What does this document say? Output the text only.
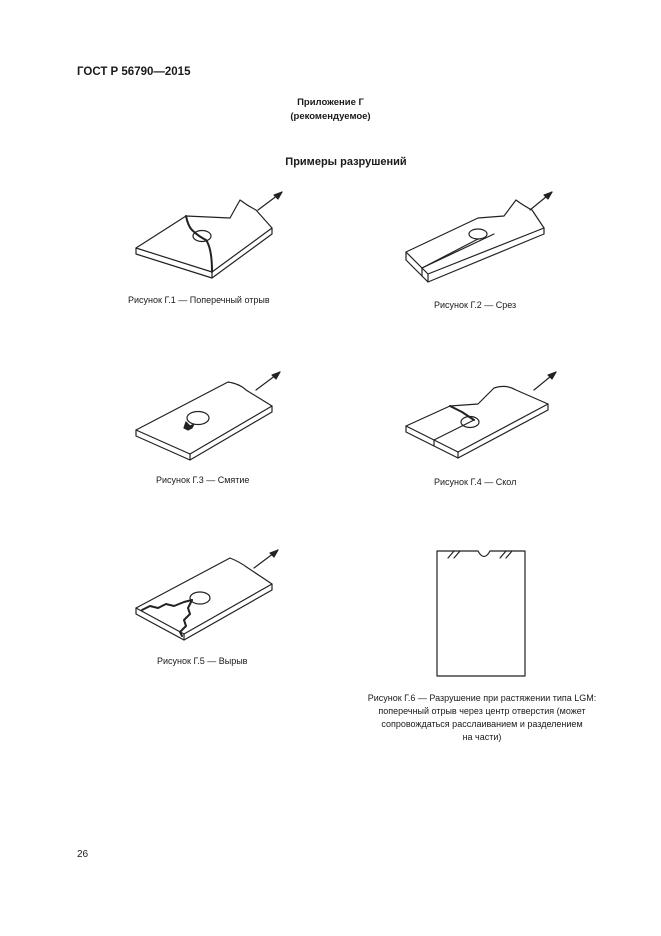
ГОСТ Р 56790—2015
Приложение Г
(рекомендуемое)
Примеры разрушений
Рисунок Г.1 — Поперечный отрыв	Рисунок Г.2 — Срез
Рисунок Г.3 — Смятие	Рисунок Г.4 — Скол
Рисунок Г.5 — Вырыв
Рисунок Г.6 — Разрушение при растяжении типа LGM:
поперечный отрыв через центр отверстия (может
сопровождаться расслаиванием и разделением
на части)
26
